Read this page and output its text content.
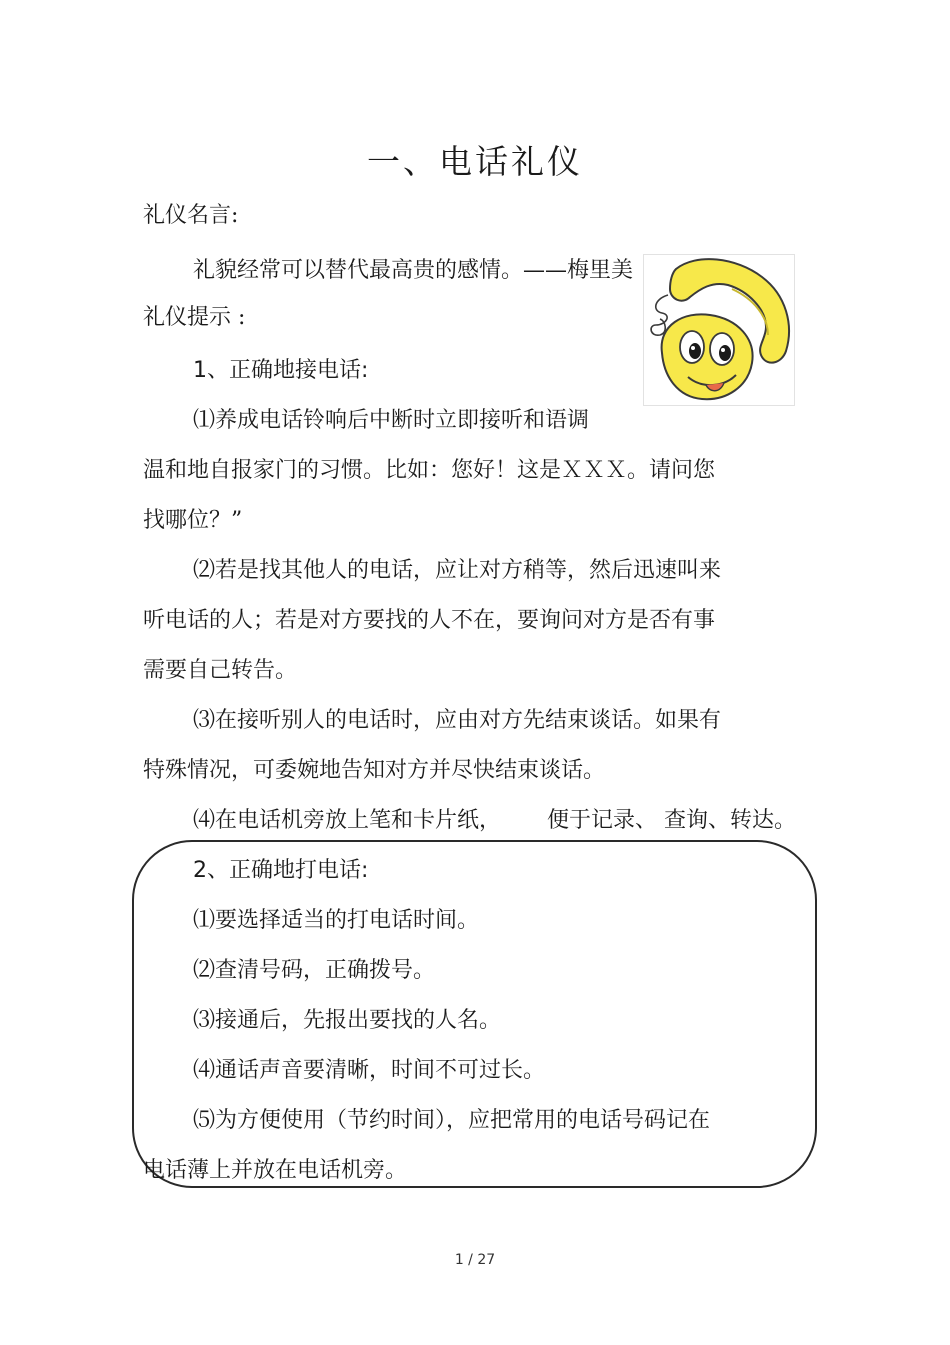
一、电话礼仪
礼仪名言:
礼貌经常可以替代最高贵的感情。——梅里美
礼仪提示 :
1、正确地接电话:
⑴养成电话铃响后中断时立即接听和语调
温和地自报家门的习惯。比如：您好！这是ＸＸＸ。请问您
找哪位？”
⑵若是找其他人的电话，应让对方稍等，然后迅速叫来
听电话的人；若是对方要找的人不在，要询问对方是否有事
需要自己转告。
⑶在接听别人的电话时，应由对方先结束谈话。如果有
特殊情况，可委婉地告知对方并尽快结束谈话。
⑷在电话机旁放上笔和卡片纸， 便于记录、 查询、转达。
2、正确地打电话:
⑴要选择适当的打电话时间。
⑵查清号码，正确拨号。
⑶接通后，先报出要找的人名。
⑷通话声音要清晰，时间不可过长。
⑸为方便使用（节约时间），应把常用的电话号码记在
电话薄上并放在电话机旁。
1 / 27
